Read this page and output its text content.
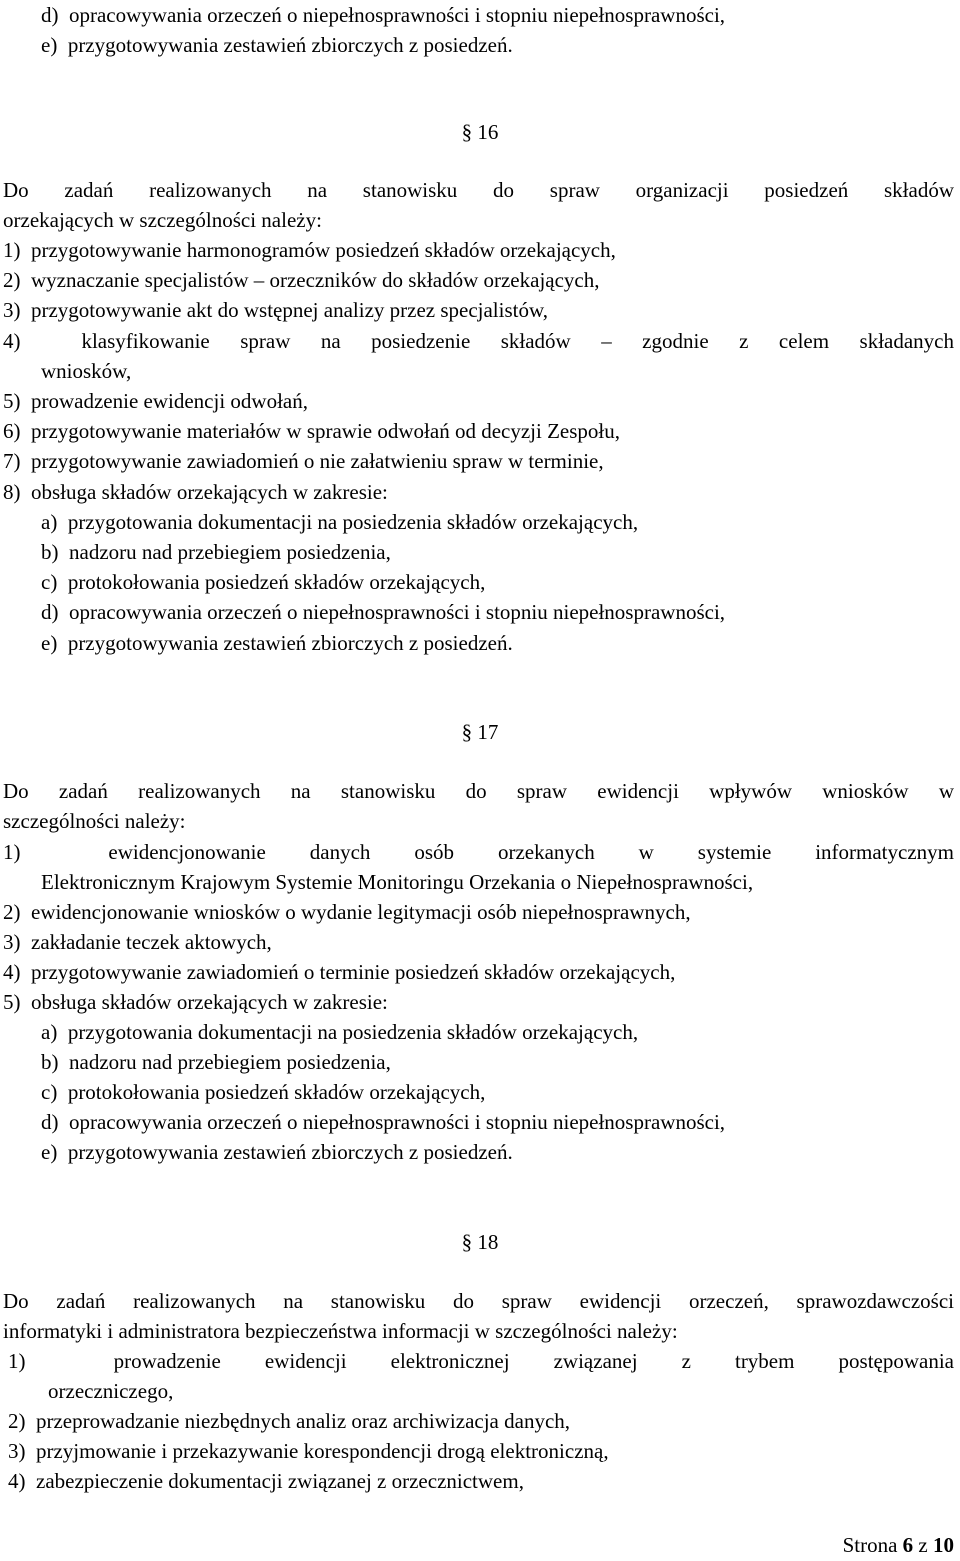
d)  opracowywania orzeczeń o niepełnosprawności i stopniu niepełnosprawności,
e)  przygotowywania zestawień zbiorczych z posiedzeń.
§ 16
Do zadań realizowanych na stanowisku do spraw organizacji posiedzeń składów
orzekających w szczególności należy:
1)  przygotowywanie harmonogramów posiedzeń składów orzekających,
2)  wyznaczanie specjalistów – orzeczników do składów orzekających,
3)  przygotowywanie akt do wstępnej analizy przez specjalistów,
4)  klasyfikowanie spraw na posiedzenie składów – zgodnie z celem składanych
wniosków,
5)  prowadzenie ewidencji odwołań,
6)  przygotowywanie materiałów w sprawie odwołań od decyzji Zespołu,
7)  przygotowywanie zawiadomień o nie załatwieniu spraw w terminie,
8)  obsługa składów orzekających w zakresie:
a)  przygotowania dokumentacji na posiedzenia składów orzekających,
b)  nadzoru nad przebiegiem posiedzenia,
c)  protokołowania posiedzeń składów orzekających,
d)  opracowywania orzeczeń o niepełnosprawności i stopniu niepełnosprawności,
e)  przygotowywania zestawień zbiorczych z posiedzeń.
§ 17
Do zadań realizowanych na stanowisku do spraw ewidencji wpływów wniosków w
szczególności należy:
1)  ewidencjonowanie danych osób orzekanych w systemie informatycznym
Elektronicznym Krajowym Systemie Monitoringu Orzekania o Niepełnosprawności,
2)  ewidencjonowanie wniosków o wydanie legitymacji osób niepełnosprawnych,
3)  zakładanie teczek aktowych,
4)  przygotowywanie zawiadomień o terminie posiedzeń składów orzekających,
5)  obsługa składów orzekających w zakresie:
a)  przygotowania dokumentacji na posiedzenia składów orzekających,
b)  nadzoru nad przebiegiem posiedzenia,
c)  protokołowania posiedzeń składów orzekających,
d)  opracowywania orzeczeń o niepełnosprawności i stopniu niepełnosprawności,
e)  przygotowywania zestawień zbiorczych z posiedzeń.
§ 18
Do zadań realizowanych na stanowisku do spraw ewidencji orzeczeń, sprawozdawczości
informatyki i administratora bezpieczeństwa informacji w szczególności należy:
1)  prowadzenie ewidencji elektronicznej związanej z trybem postępowania
orzeczniczego,
2)  przeprowadzanie niezbędnych analiz oraz archiwizacja danych,
3)  przyjmowanie i przekazywanie korespondencji drogą elektroniczną,
4)  zabezpieczenie dokumentacji związanej z orzecznictwem,
Strona 6 z 10
